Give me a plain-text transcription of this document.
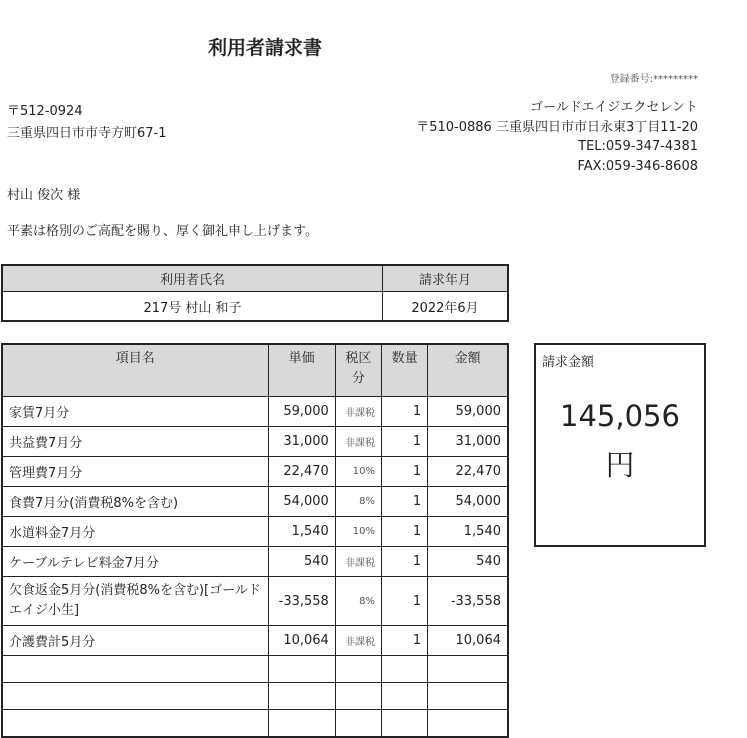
利用者請求書
登録番号:*********
〒512-0924
三重県四日市市寺方町67-1
ゴールドエイジエクセレント
〒510-0886 三重県四日市市日永東3丁目11-20
TEL:059-347-4381
FAX:059-346-8608
村山 俊次 様
平素は格別のご高配を賜り、厚く御礼申し上げます。
利用者氏名	請求年月
217号 村山 和子	2022年6月
項目名	単価	税区分	数量	金額
家賃7月分	59,000	非課税	1	59,000
共益費7月分	31,000	非課税	1	31,000
管理費7月分	22,470	10%	1	22,470
食費7月分(消費税8%を含む)	54,000	8%	1	54,000
水道料金7月分	1,540	10%	1	1,540
ケーブルテレビ料金7月分	540	非課税	1	540
欠食返金5月分(消費税8%を含む)[ゴールドエイジ小生]	-33,558	8%	1	-33,558
介護費計5月分	10,064	非課税	1	10,064

請求金額
145,056
円
